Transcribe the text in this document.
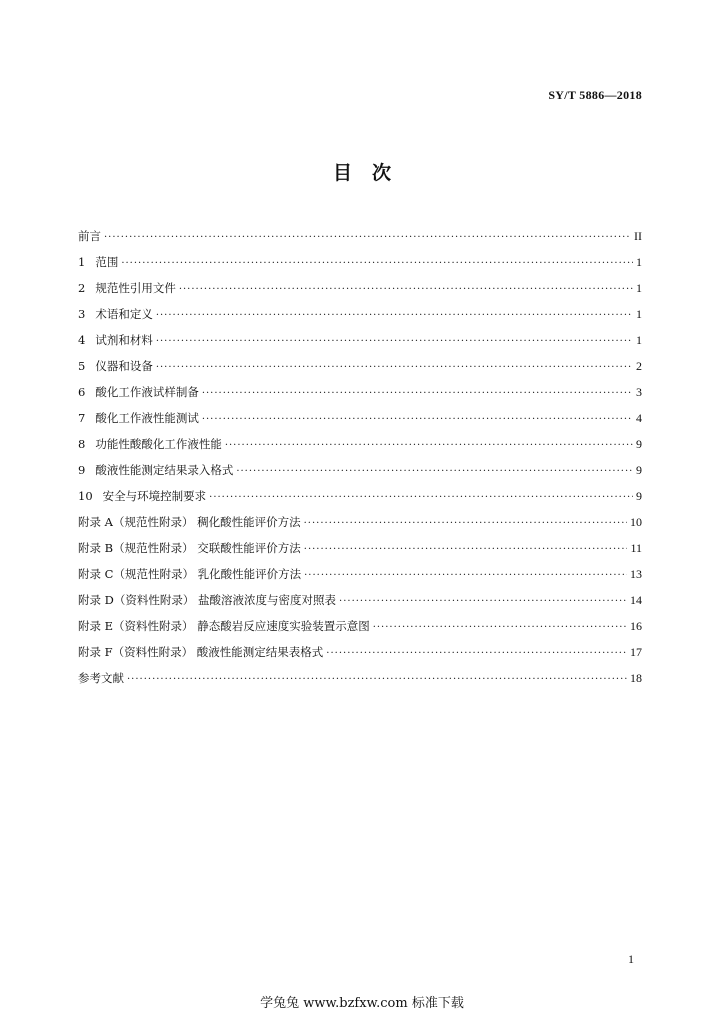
SY/T 5886—2018
目 次
前言 ·····	II
1 范围 ·····	1
2 规范性引用文件 ·····	1
3 术语和定义 ·····	1
4 试剂和材料 ·····	1
5 仪器和设备 ·····	2
6 酸化工作液试样制备 ·····	3
7 酸化工作液性能测试 ·····	4
8 功能性酸酸化工作液性能 ·····	9
9 酸液性能测定结果录入格式 ·····	9
10 安全与环境控制要求 ·····	9
附录 A（规范性附录） 稠化酸性能评价方法 ·····	10
附录 B（规范性附录） 交联酸性能评价方法 ·····	11
附录 C（规范性附录） 乳化酸性能评价方法 ·····	13
附录 D（资料性附录） 盐酸溶液浓度与密度对照表 ·····	14
附录 E（资料性附录） 静态酸岩反应速度实验装置示意图 ·····	16
附录 F（资料性附录） 酸液性能测定结果表格式 ·····	17
参考文献 ·····	18
1
学兔兔 www.bzfxw.com 标准下载
